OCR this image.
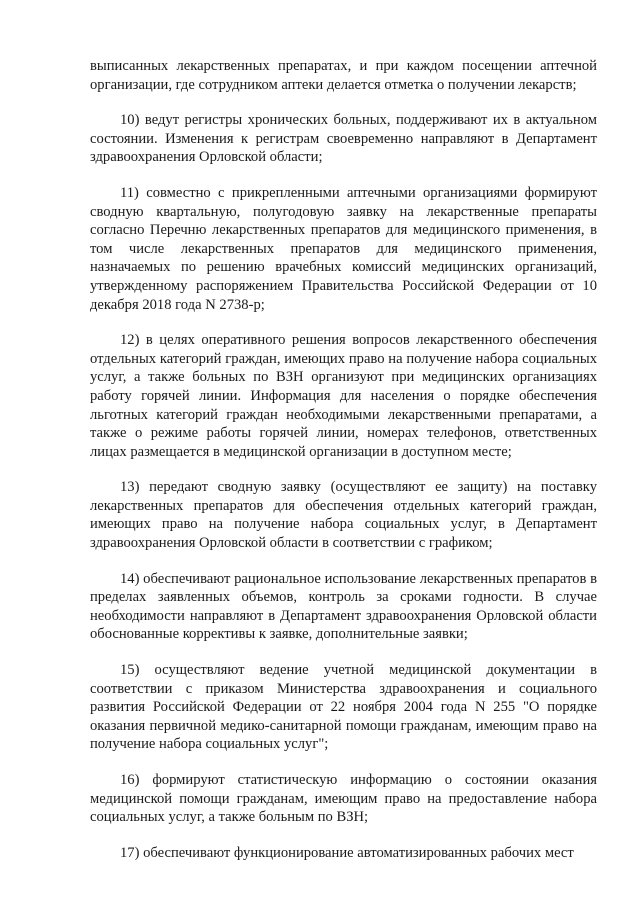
выписанных лекарственных препаратах, и при каждом посещении аптечной организации, где сотрудником аптеки делается отметка о получении лекарств;

10) ведут регистры хронических больных, поддерживают их в актуальном состоянии. Изменения к регистрам своевременно направляют в Департамент здравоохранения Орловской области;

11) совместно с прикрепленными аптечными организациями формируют сводную квартальную, полугодовую заявку на лекарственные препараты согласно Перечню лекарственных препаратов для медицинского применения, в том числе лекарственных препаратов для медицинского применения, назначаемых по решению врачебных комиссий медицинских организаций, утвержденному распоряжением Правительства Российской Федерации от 10 декабря 2018 года N 2738-р;

12) в целях оперативного решения вопросов лекарственного обеспечения отдельных категорий граждан, имеющих право на получение набора социальных услуг, а также больных по ВЗН организуют при медицинских организациях работу горячей линии. Информация для населения о порядке обеспечения льготных категорий граждан необходимыми лекарственными препаратами, а также о режиме работы горячей линии, номерах телефонов, ответственных лицах размещается в медицинской организации в доступном месте;

13) передают сводную заявку (осуществляют ее защиту) на поставку лекарственных препаратов для обеспечения отдельных категорий граждан, имеющих право на получение набора социальных услуг, в Департамент здравоохранения Орловской области в соответствии с графиком;

14) обеспечивают рациональное использование лекарственных препаратов в пределах заявленных объемов, контроль за сроками годности. В случае необходимости направляют в Департамент здравоохранения Орловской области обоснованные коррективы к заявке, дополнительные заявки;

15) осуществляют ведение учетной медицинской документации в соответствии с приказом Министерства здравоохранения и социального развития Российской Федерации от 22 ноября 2004 года N 255 "О порядке оказания первичной медико-санитарной помощи гражданам, имеющим право на получение набора социальных услуг";

16) формируют статистическую информацию о состоянии оказания медицинской помощи гражданам, имеющим право на предоставление набора социальных услуг, а также больным по ВЗН;

17) обеспечивают функционирование автоматизированных рабочих мест
